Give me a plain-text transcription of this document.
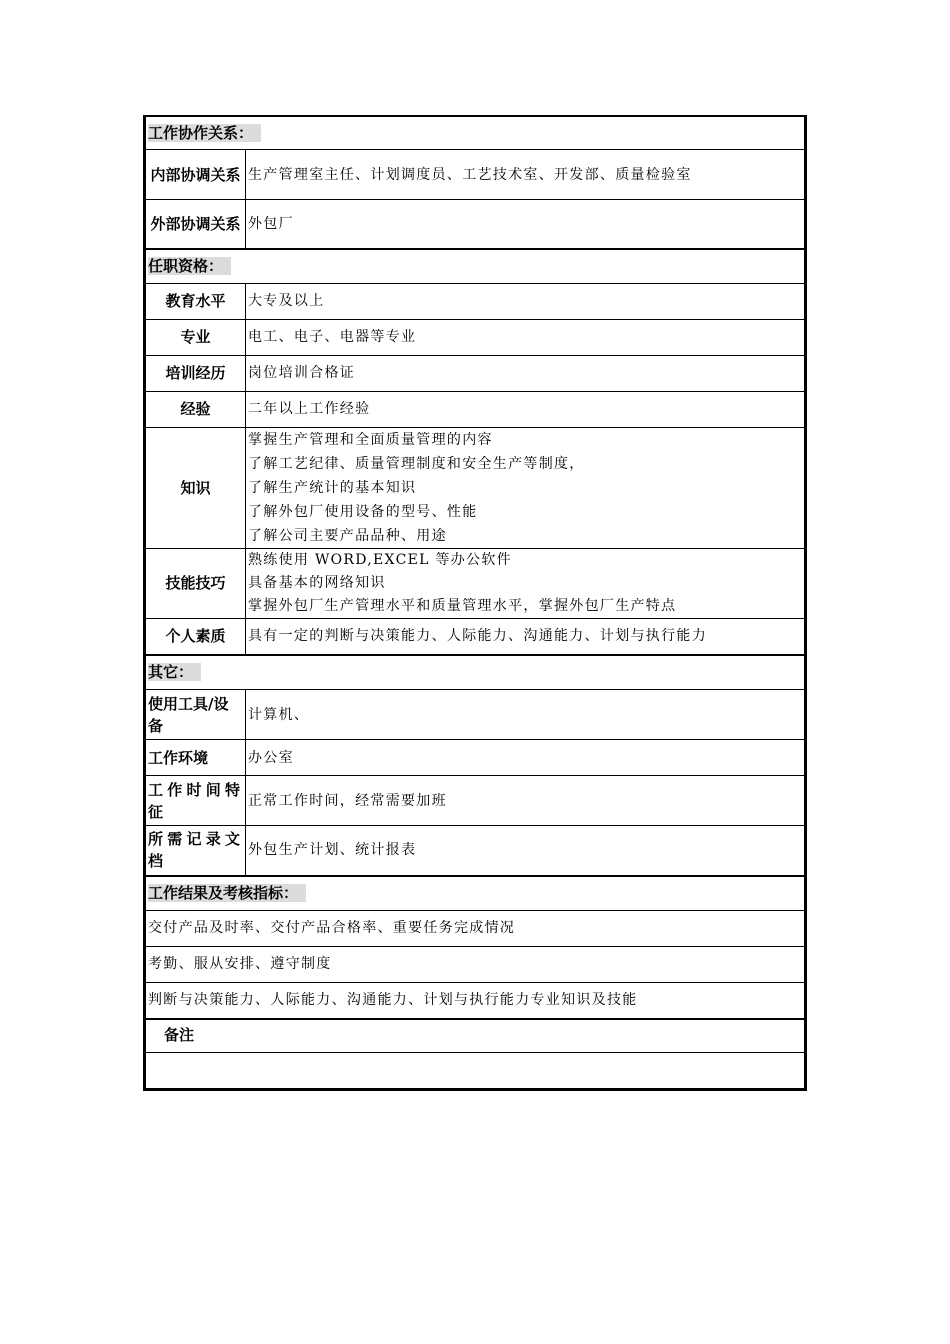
工作协作关系：	
内部协调关系	生产管理室主任、计划调度员、工艺技术室、开发部、质量检验室
外部协调关系	外包厂
任职资格：	
教育水平	大专及以上
专业	电工、电子、电器等专业
培训经历	岗位培训合格证
经验	二年以上工作经验
知识	掌握生产管理和全面质量管理的内容
了解工艺纪律、质量管理制度和安全生产等制度，
了解生产统计的基本知识
了解外包厂使用设备的型号、性能
了解公司主要产品品种、用途

技能技巧	熟练使用 WORD,EXCEL 等办公软件
具备基本的网络知识
掌握外包厂生产管理水平和质量管理水平，掌握外包厂生产特点

个人素质	具有一定的判断与决策能力、人际能力、沟通能力、计划与执行能力
其它：	
使用工具/设备	计算机、
工作环境	办公室
工作时间特征	正常工作时间，经常需要加班
所需记录文档	外包生产计划、统计报表
工作结果及考核指标：	
交付产品及时率、交付产品合格率、重要任务完成情况	
考勤、服从安排、遵守制度	
判断与决策能力、人际能力、沟通能力、计划与执行能力专业知识及技能	
备注	
